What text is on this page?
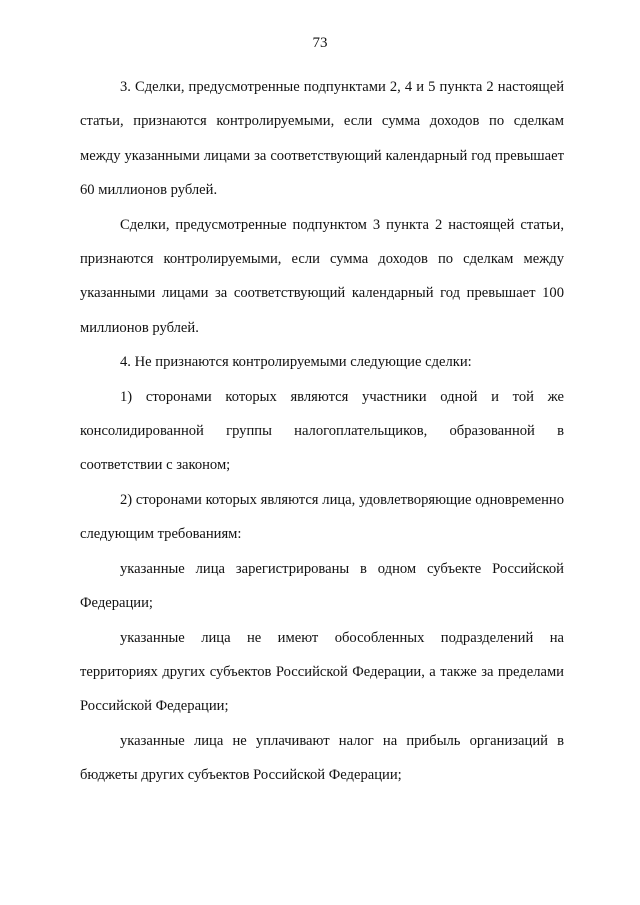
73

3. Сделки, предусмотренные подпунктами 2, 4 и 5 пункта 2 настоящей статьи, признаются контролируемыми, если сумма доходов по сделкам между указанными лицами за соответствующий календарный год превышает 60 миллионов рублей.

Сделки, предусмотренные подпунктом 3 пункта 2 настоящей статьи, признаются контролируемыми, если сумма доходов по сделкам между указанными лицами за соответствующий календарный год превышает 100 миллионов рублей.

4. Не признаются контролируемыми следующие сделки:

1) сторонами которых являются участники одной и той же консолидированной группы налогоплательщиков, образованной в соответствии с законом;

2) сторонами которых являются лица, удовлетворяющие одновременно следующим требованиям:

указанные лица зарегистрированы в одном субъекте Российской Федерации;

указанные лица не имеют обособленных подразделений на территориях других субъектов Российской Федерации, а также за пределами Российской Федерации;

указанные лица не уплачивают налог на прибыль организаций в бюджеты других субъектов Российской Федерации;
